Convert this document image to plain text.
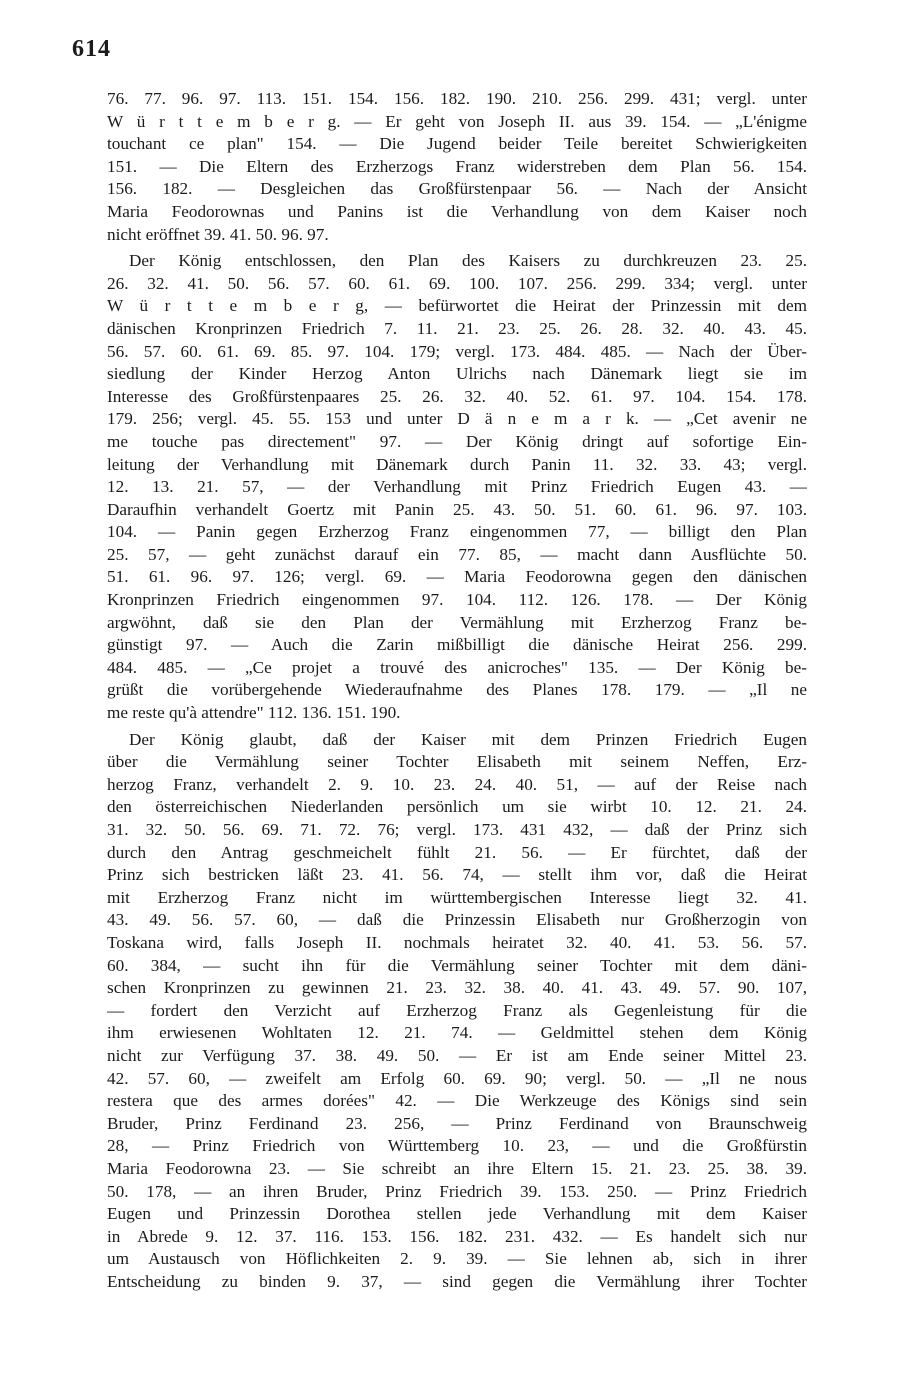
614
76. 77. 96. 97. 113. 151. 154. 156. 182. 190. 210. 256. 299. 431; vergl. unter
W ü r t t e m b e r g. — Er geht von Joseph II. aus 39. 154. — „L'énigme
touchant ce plan" 154. — Die Jugend beider Teile bereitet Schwierigkeiten
151. — Die Eltern des Erzherzogs Franz widerstreben dem Plan 56. 154.
156. 182. — Desgleichen das Großfürstenpaar 56. — Nach der Ansicht
Maria Feodorownas und Panins ist die Verhandlung von dem Kaiser noch
nicht eröffnet 39. 41. 50. 96. 97.
Der König entschlossen, den Plan des Kaisers zu durchkreuzen 23. 25.
26. 32. 41. 50. 56. 57. 60. 61. 69. 100. 107. 256. 299. 334; vergl. unter
W ü r t t e m b e r g, — befürwortet die Heirat der Prinzessin mit dem
dänischen Kronprinzen Friedrich 7. 11. 21. 23. 25. 26. 28. 32. 40. 43. 45.
56. 57. 60. 61. 69. 85. 97. 104. 179; vergl. 173. 484. 485. — Nach der Über-
siedlung der Kinder Herzog Anton Ulrichs nach Dänemark liegt sie im
Interesse des Großfürstenpaares 25. 26. 32. 40. 52. 61. 97. 104. 154. 178.
179. 256; vergl. 45. 55. 153 und unter D ä n e m a r k. — „Cet avenir ne
me touche pas directement" 97. — Der König dringt auf sofortige Ein-
leitung der Verhandlung mit Dänemark durch Panin 11. 32. 33. 43; vergl.
12. 13. 21. 57, — der Verhandlung mit Prinz Friedrich Eugen 43. —
Daraufhin verhandelt Goertz mit Panin 25. 43. 50. 51. 60. 61. 96. 97. 103.
104. — Panin gegen Erzherzog Franz eingenommen 77, — billigt den Plan
25. 57, — geht zunächst darauf ein 77. 85, — macht dann Ausflüchte 50.
51. 61. 96. 97. 126; vergl. 69. — Maria Feodorowna gegen den dänischen
Kronprinzen Friedrich eingenommen 97. 104. 112. 126. 178. — Der König
argwöhnt, daß sie den Plan der Vermählung mit Erzherzog Franz be-
günstigt 97. — Auch die Zarin mißbilligt die dänische Heirat 256. 299.
484. 485. — „Ce projet a trouvé des anicroches" 135. — Der König be-
grüßt die vorübergehende Wiederaufnahme des Planes 178. 179. — „Il ne
me reste qu'à attendre" 112. 136. 151. 190.
Der König glaubt, daß der Kaiser mit dem Prinzen Friedrich Eugen
über die Vermählung seiner Tochter Elisabeth mit seinem Neffen, Erz-
herzog Franz, verhandelt 2. 9. 10. 23. 24. 40. 51, — auf der Reise nach
den österreichischen Niederlanden persönlich um sie wirbt 10. 12. 21. 24.
31. 32. 50. 56. 69. 71. 72. 76; vergl. 173. 431 432, — daß der Prinz sich
durch den Antrag geschmeichelt fühlt 21. 56. — Er fürchtet, daß der
Prinz sich bestricken läßt 23. 41. 56. 74, — stellt ihm vor, daß die Heirat
mit Erzherzog Franz nicht im württembergischen Interesse liegt 32. 41.
43. 49. 56. 57. 60, — daß die Prinzessin Elisabeth nur Großherzogin von
Toskana wird, falls Joseph II. nochmals heiratet 32. 40. 41. 53. 56. 57.
60. 384, — sucht ihn für die Vermählung seiner Tochter mit dem däni-
schen Kronprinzen zu gewinnen 21. 23. 32. 38. 40. 41. 43. 49. 57. 90. 107,
— fordert den Verzicht auf Erzherzog Franz als Gegenleistung für die
ihm erwiesenen Wohltaten 12. 21. 74. — Geldmittel stehen dem König
nicht zur Verfügung 37. 38. 49. 50. — Er ist am Ende seiner Mittel 23.
42. 57. 60, — zweifelt am Erfolg 60. 69. 90; vergl. 50. — „Il ne nous
restera que des armes dorées" 42. — Die Werkzeuge des Königs sind sein
Bruder, Prinz Ferdinand 23. 256, — Prinz Ferdinand von Braunschweig
28, — Prinz Friedrich von Württemberg 10. 23, — und die Großfürstin
Maria Feodorowna 23. — Sie schreibt an ihre Eltern 15. 21. 23. 25. 38. 39.
50. 178, — an ihren Bruder, Prinz Friedrich 39. 153. 250. — Prinz Friedrich
Eugen und Prinzessin Dorothea stellen jede Verhandlung mit dem Kaiser
in Abrede 9. 12. 37. 116. 153. 156. 182. 231. 432. — Es handelt sich nur
um Austausch von Höflichkeiten 2. 9. 39. — Sie lehnen ab, sich in ihrer
Entscheidung zu binden 9. 37, — sind gegen die Vermählung ihrer Tochter
